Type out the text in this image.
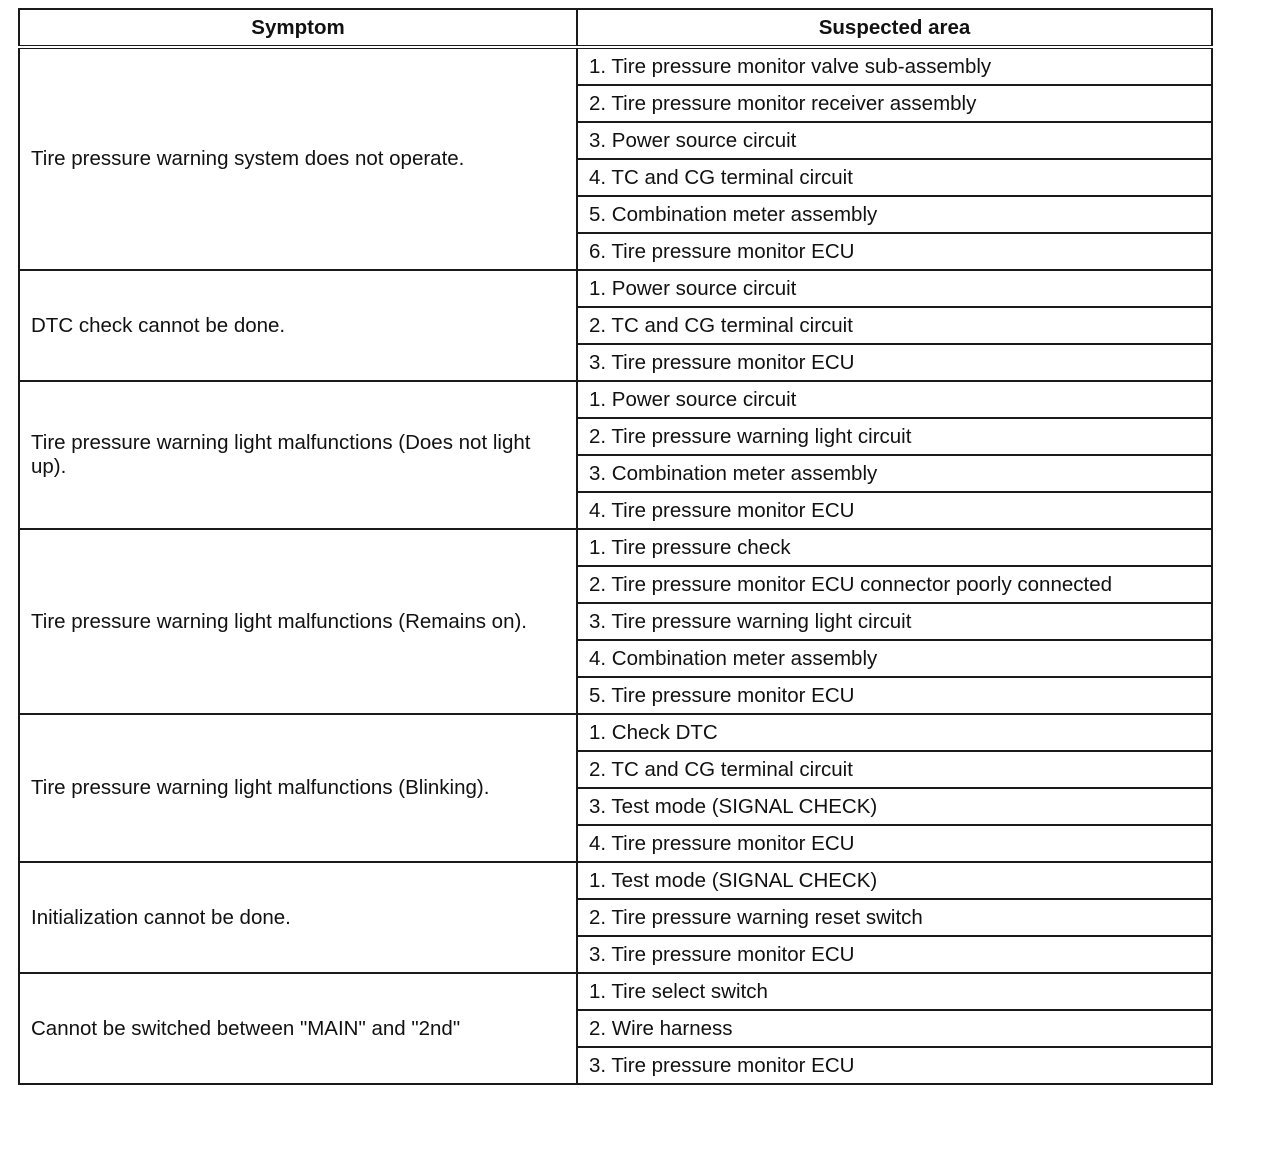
Symptom	Suspected area
Tire pressure warning system does not operate.	1. Tire pressure monitor valve sub-assembly
	2. Tire pressure monitor receiver assembly
	3. Power source circuit
	4. TC and CG terminal circuit
	5. Combination meter assembly
	6. Tire pressure monitor ECU
DTC check cannot be done.	1. Power source circuit
	2. TC and CG terminal circuit
	3. Tire pressure monitor ECU
Tire pressure warning light malfunctions (Does not light up).	1. Power source circuit
	2. Tire pressure warning light circuit
	3. Combination meter assembly
	4. Tire pressure monitor ECU
Tire pressure warning light malfunctions (Remains on).	1. Tire pressure check
	2. Tire pressure monitor ECU connector poorly connected
	3. Tire pressure warning light circuit
	4. Combination meter assembly
	5. Tire pressure monitor ECU
Tire pressure warning light malfunctions (Blinking).	1. Check DTC
	2. TC and CG terminal circuit
	3. Test mode (SIGNAL CHECK)
	4. Tire pressure monitor ECU
Initialization cannot be done.	1. Test mode (SIGNAL CHECK)
	2. Tire pressure warning reset switch
	3. Tire pressure monitor ECU
Cannot be switched between "MAIN" and "2nd"	1. Tire select switch
	2. Wire harness
	3. Tire pressure monitor ECU
